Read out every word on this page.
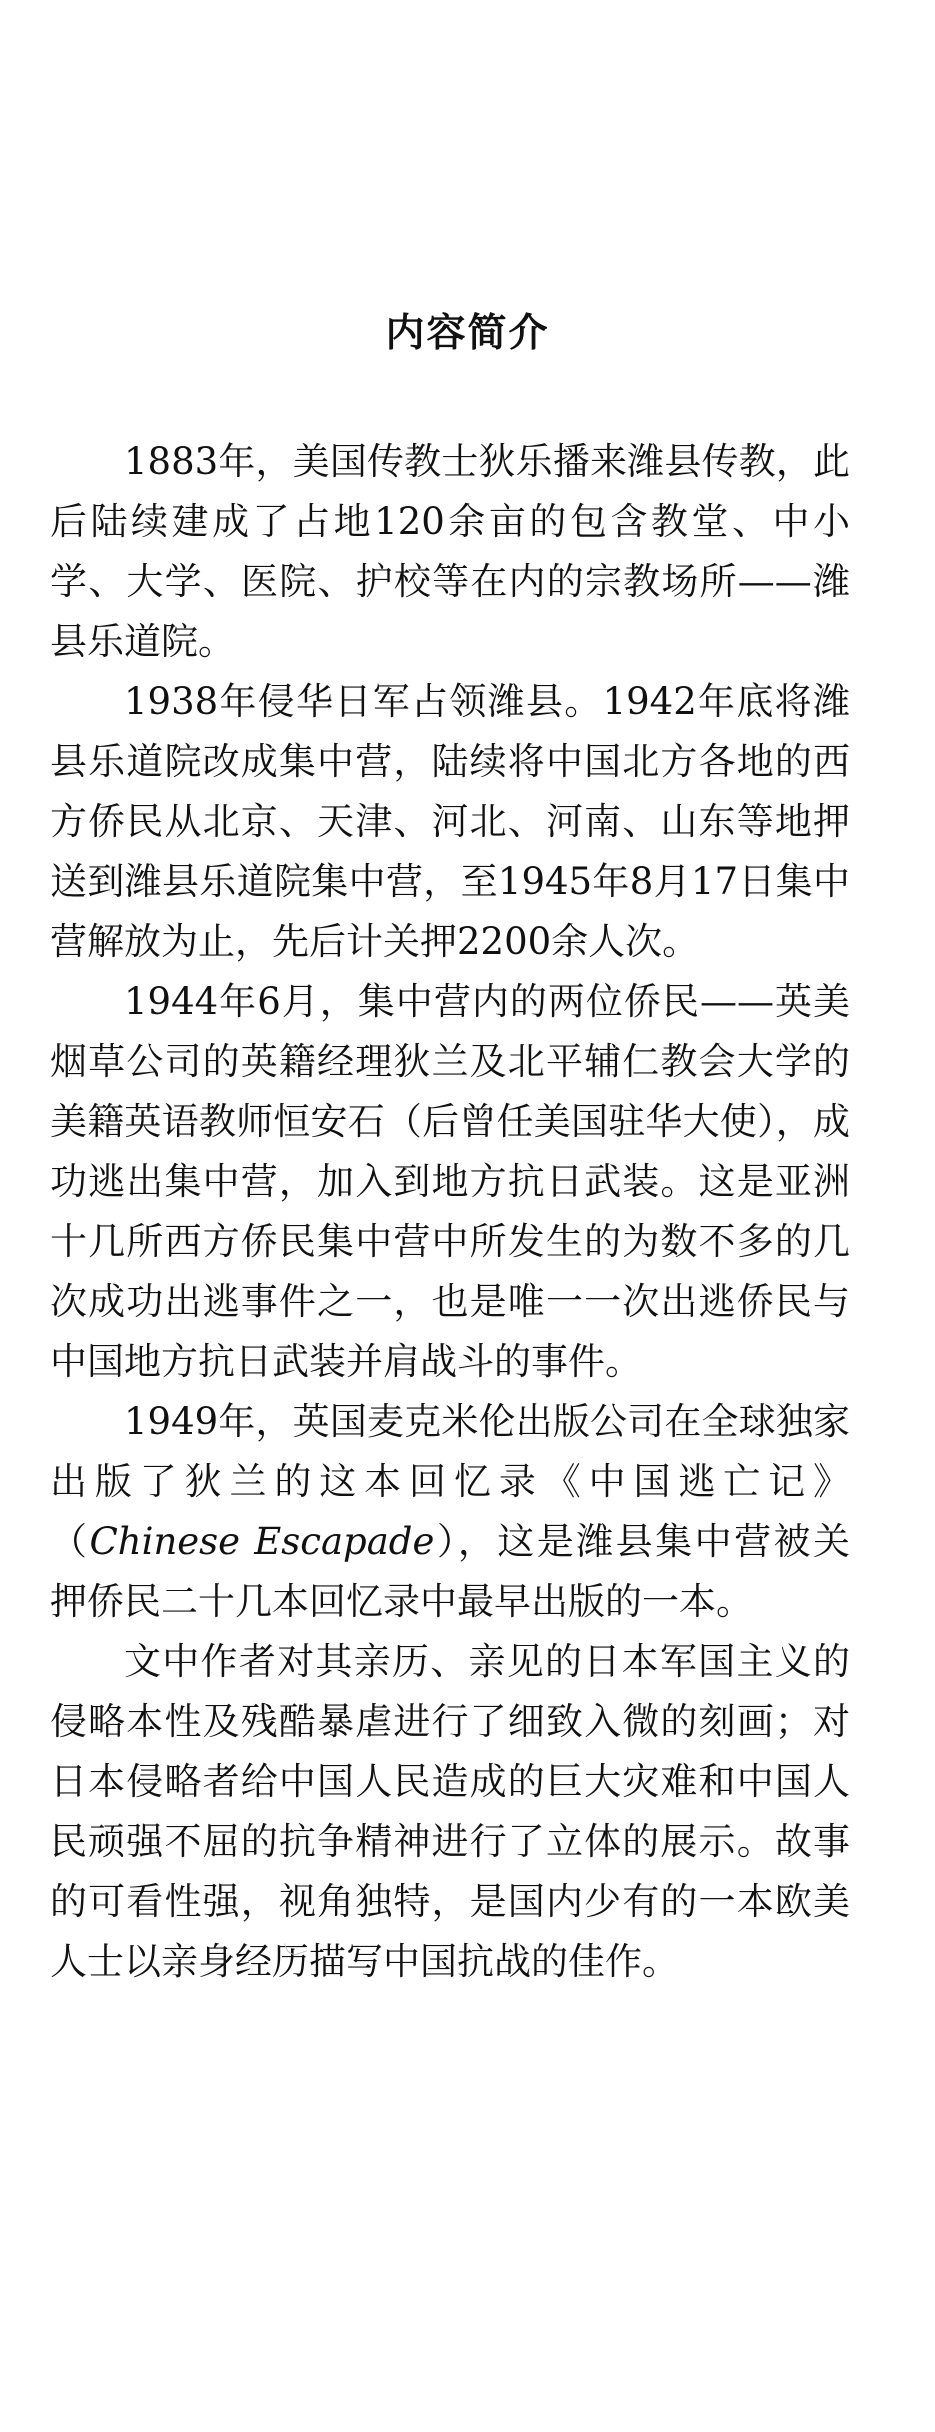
内容简介

1883年，美国传教士狄乐播来潍县传教，此后陆续建成了占地120余亩的包含教堂、中小学、大学、医院、护校等在内的宗教场所——潍县乐道院。

1938年侵华日军占领潍县。1942年底将潍县乐道院改成集中营，陆续将中国北方各地的西方侨民从北京、天津、河北、河南、山东等地押送到潍县乐道院集中营，至1945年8月17日集中营解放为止，先后计关押2200余人次。

1944年6月，集中营内的两位侨民——英美烟草公司的英籍经理狄兰及北平辅仁教会大学的美籍英语教师恒安石（后曾任美国驻华大使），成功逃出集中营，加入到地方抗日武装。这是亚洲十几所西方侨民集中营中所发生的为数不多的几次成功出逃事件之一，也是唯一一次出逃侨民与中国地方抗日武装并肩战斗的事件。

1949年，英国麦克米伦出版公司在全球独家出版了狄兰的这本回忆录《中国逃亡记》（Chinese Escapade），这是潍县集中营被关押侨民二十几本回忆录中最早出版的一本。

文中作者对其亲历、亲见的日本军国主义的侵略本性及残酷暴虐进行了细致入微的刻画；对日本侵略者给中国人民造成的巨大灾难和中国人民顽强不屈的抗争精神进行了立体的展示。故事的可看性强，视角独特，是国内少有的一本欧美人士以亲身经历描写中国抗战的佳作。
